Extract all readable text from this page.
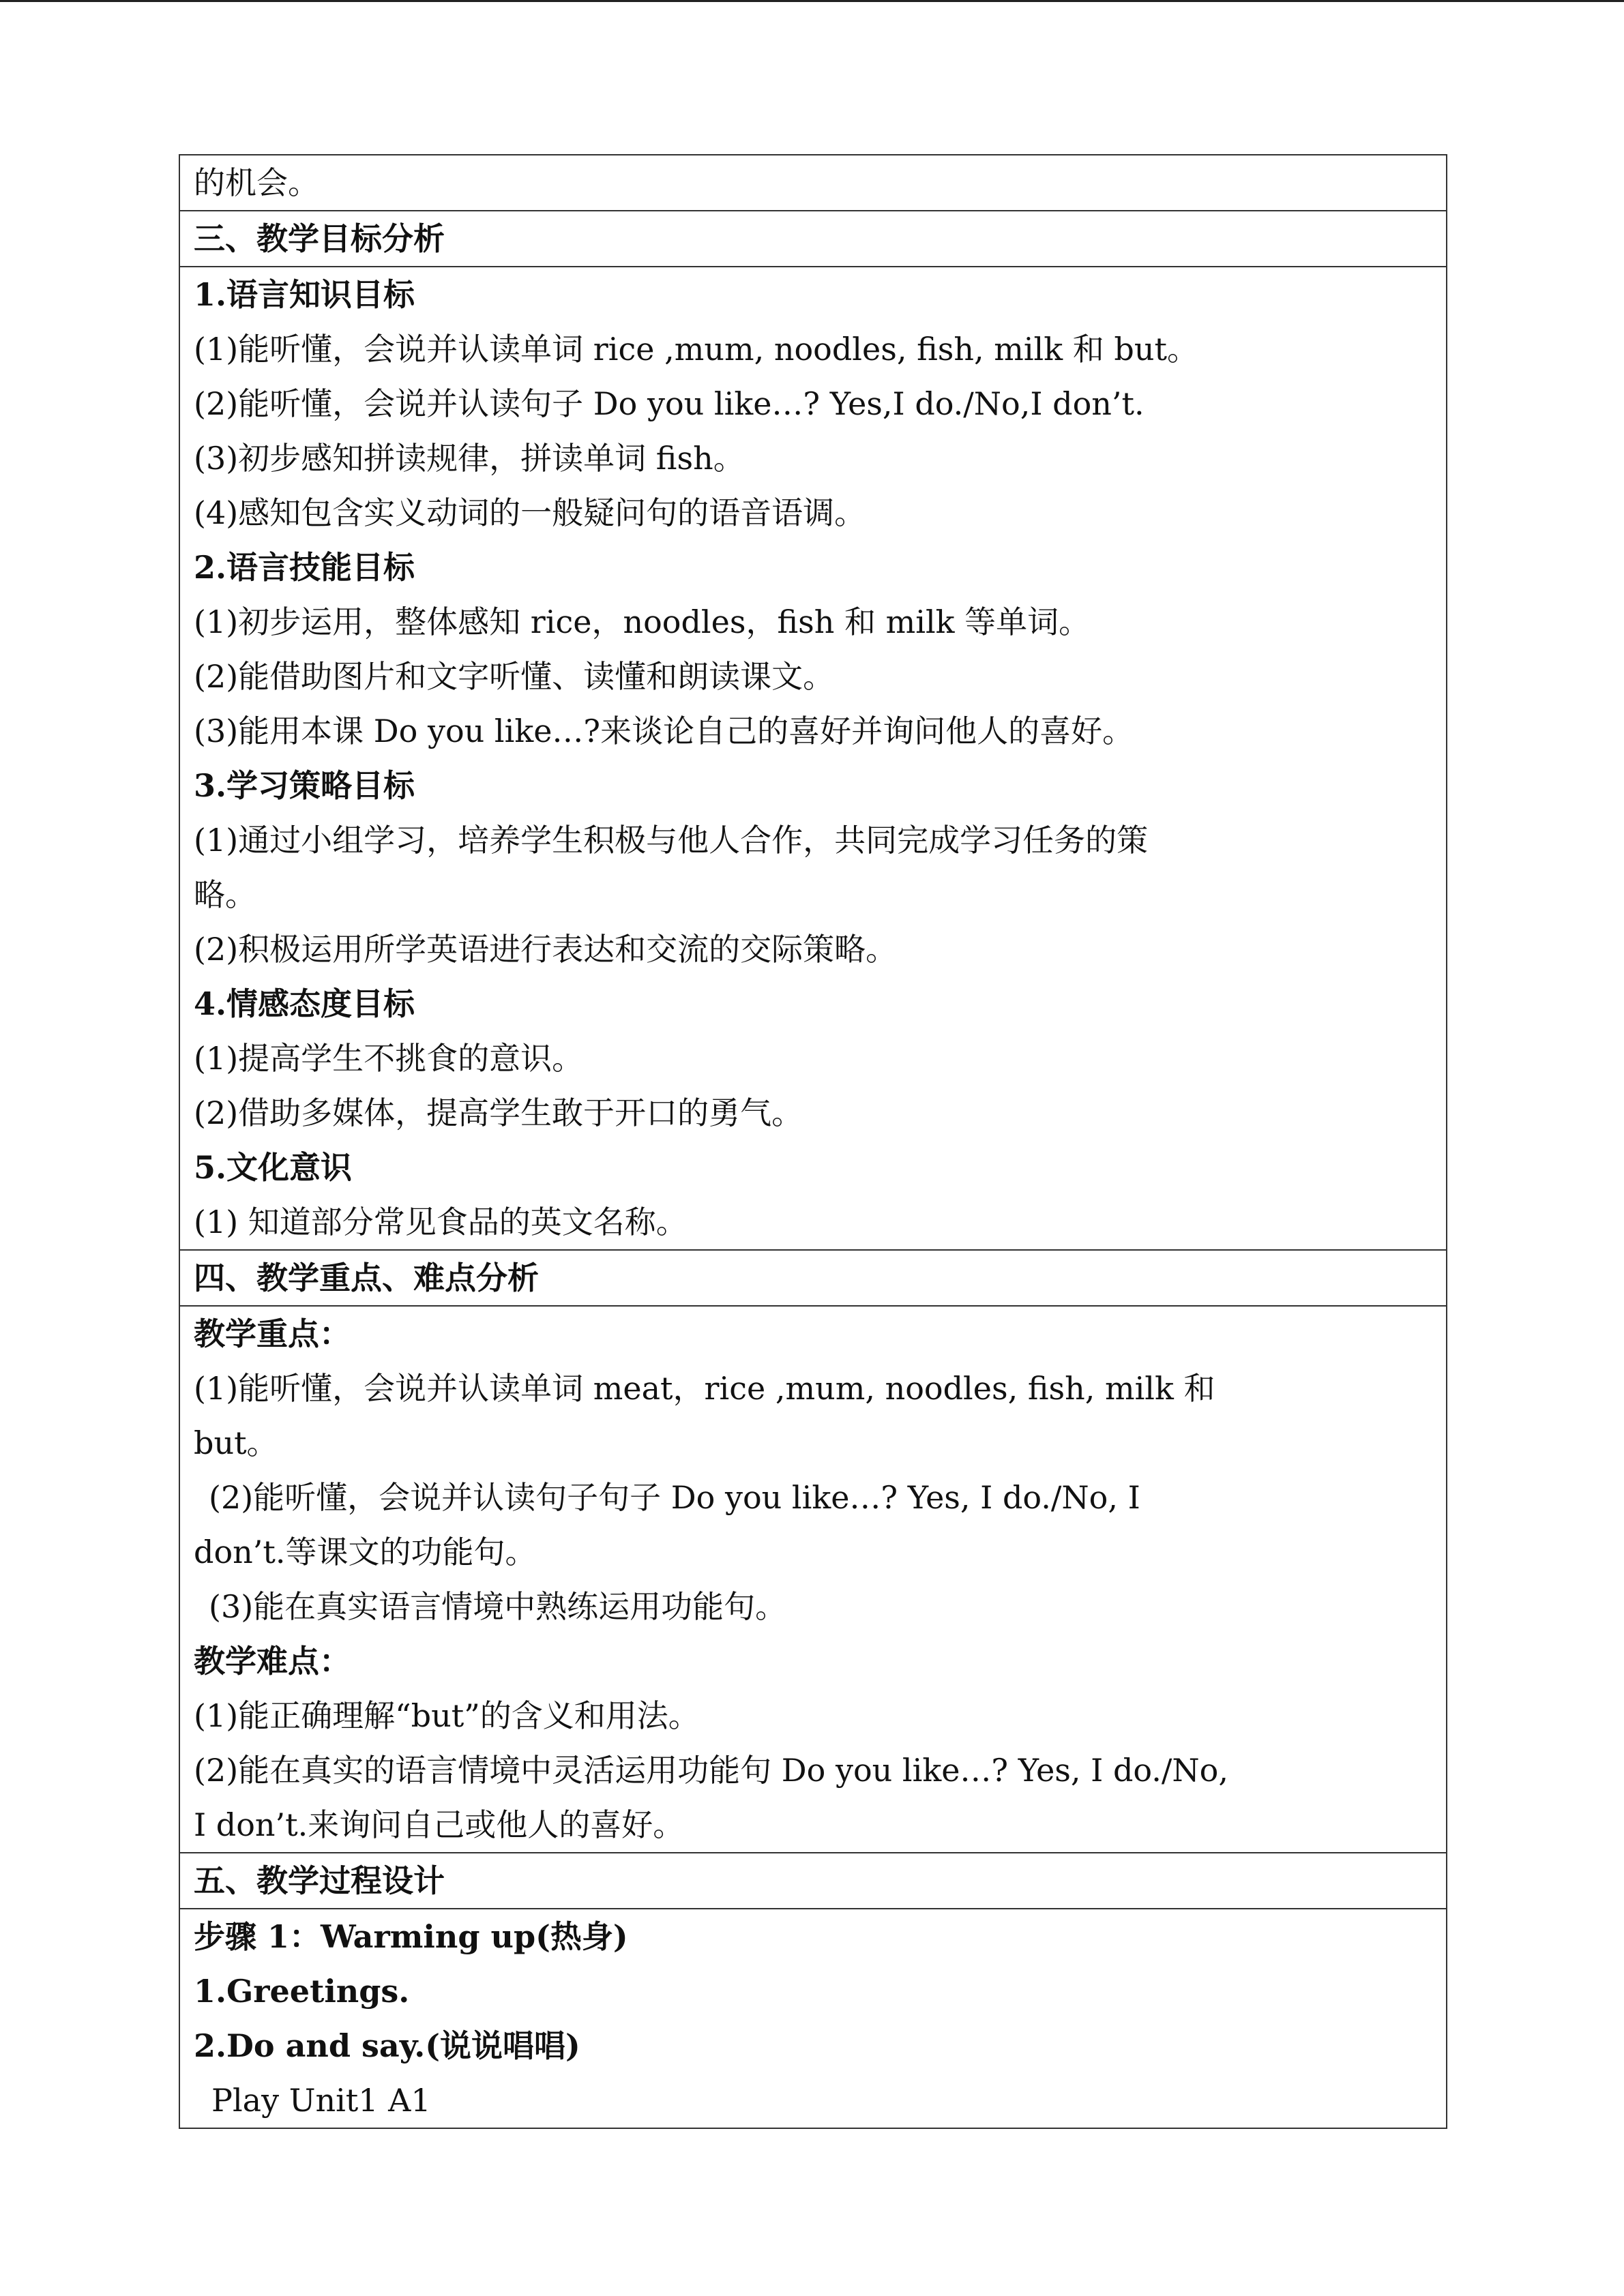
的机会。
三、教学目标分析
1.语言知识目标
(1)能听懂，会说并认读单词 rice ,mum, noodles, fish, milk 和 but。
(2)能听懂，会说并认读句子 Do you like…? Yes,I do./No,I don’t.
(3)初步感知拼读规律，拼读单词 fish。
(4)感知包含实义动词的一般疑问句的语音语调。
2.语言技能目标
(1)初步运用，整体感知 rice，noodles，fish 和 milk 等单词。
(2)能借助图片和文字听懂、读懂和朗读课文。
(3)能用本课 Do you like…?来谈论自己的喜好并询问他人的喜好。
3.学习策略目标
(1)通过小组学习，培养学生积极与他人合作，共同完成学习任务的策
略。
(2)积极运用所学英语进行表达和交流的交际策略。
4.情感态度目标
(1)提高学生不挑食的意识。
(2)借助多媒体，提高学生敢于开口的勇气。
5.文化意识
(1) 知道部分常见食品的英文名称。
四、教学重点、难点分析
教学重点：
(1)能听懂，会说并认读单词 meat，rice ,mum, noodles, fish, milk 和
but。
(2)能听懂，会说并认读句子句子 Do you like…? Yes, I do./No, I
don’t.等课文的功能句。
(3)能在真实语言情境中熟练运用功能句。
教学难点：
(1)能正确理解“but”的含义和用法。
(2)能在真实的语言情境中灵活运用功能句 Do you like…? Yes, I do./No,
I don’t.来询问自己或他人的喜好。
五、教学过程设计
步骤 1：Warming up(热身)
1.Greetings.
2.Do and say.(说说唱唱)
Play Unit1 A1
